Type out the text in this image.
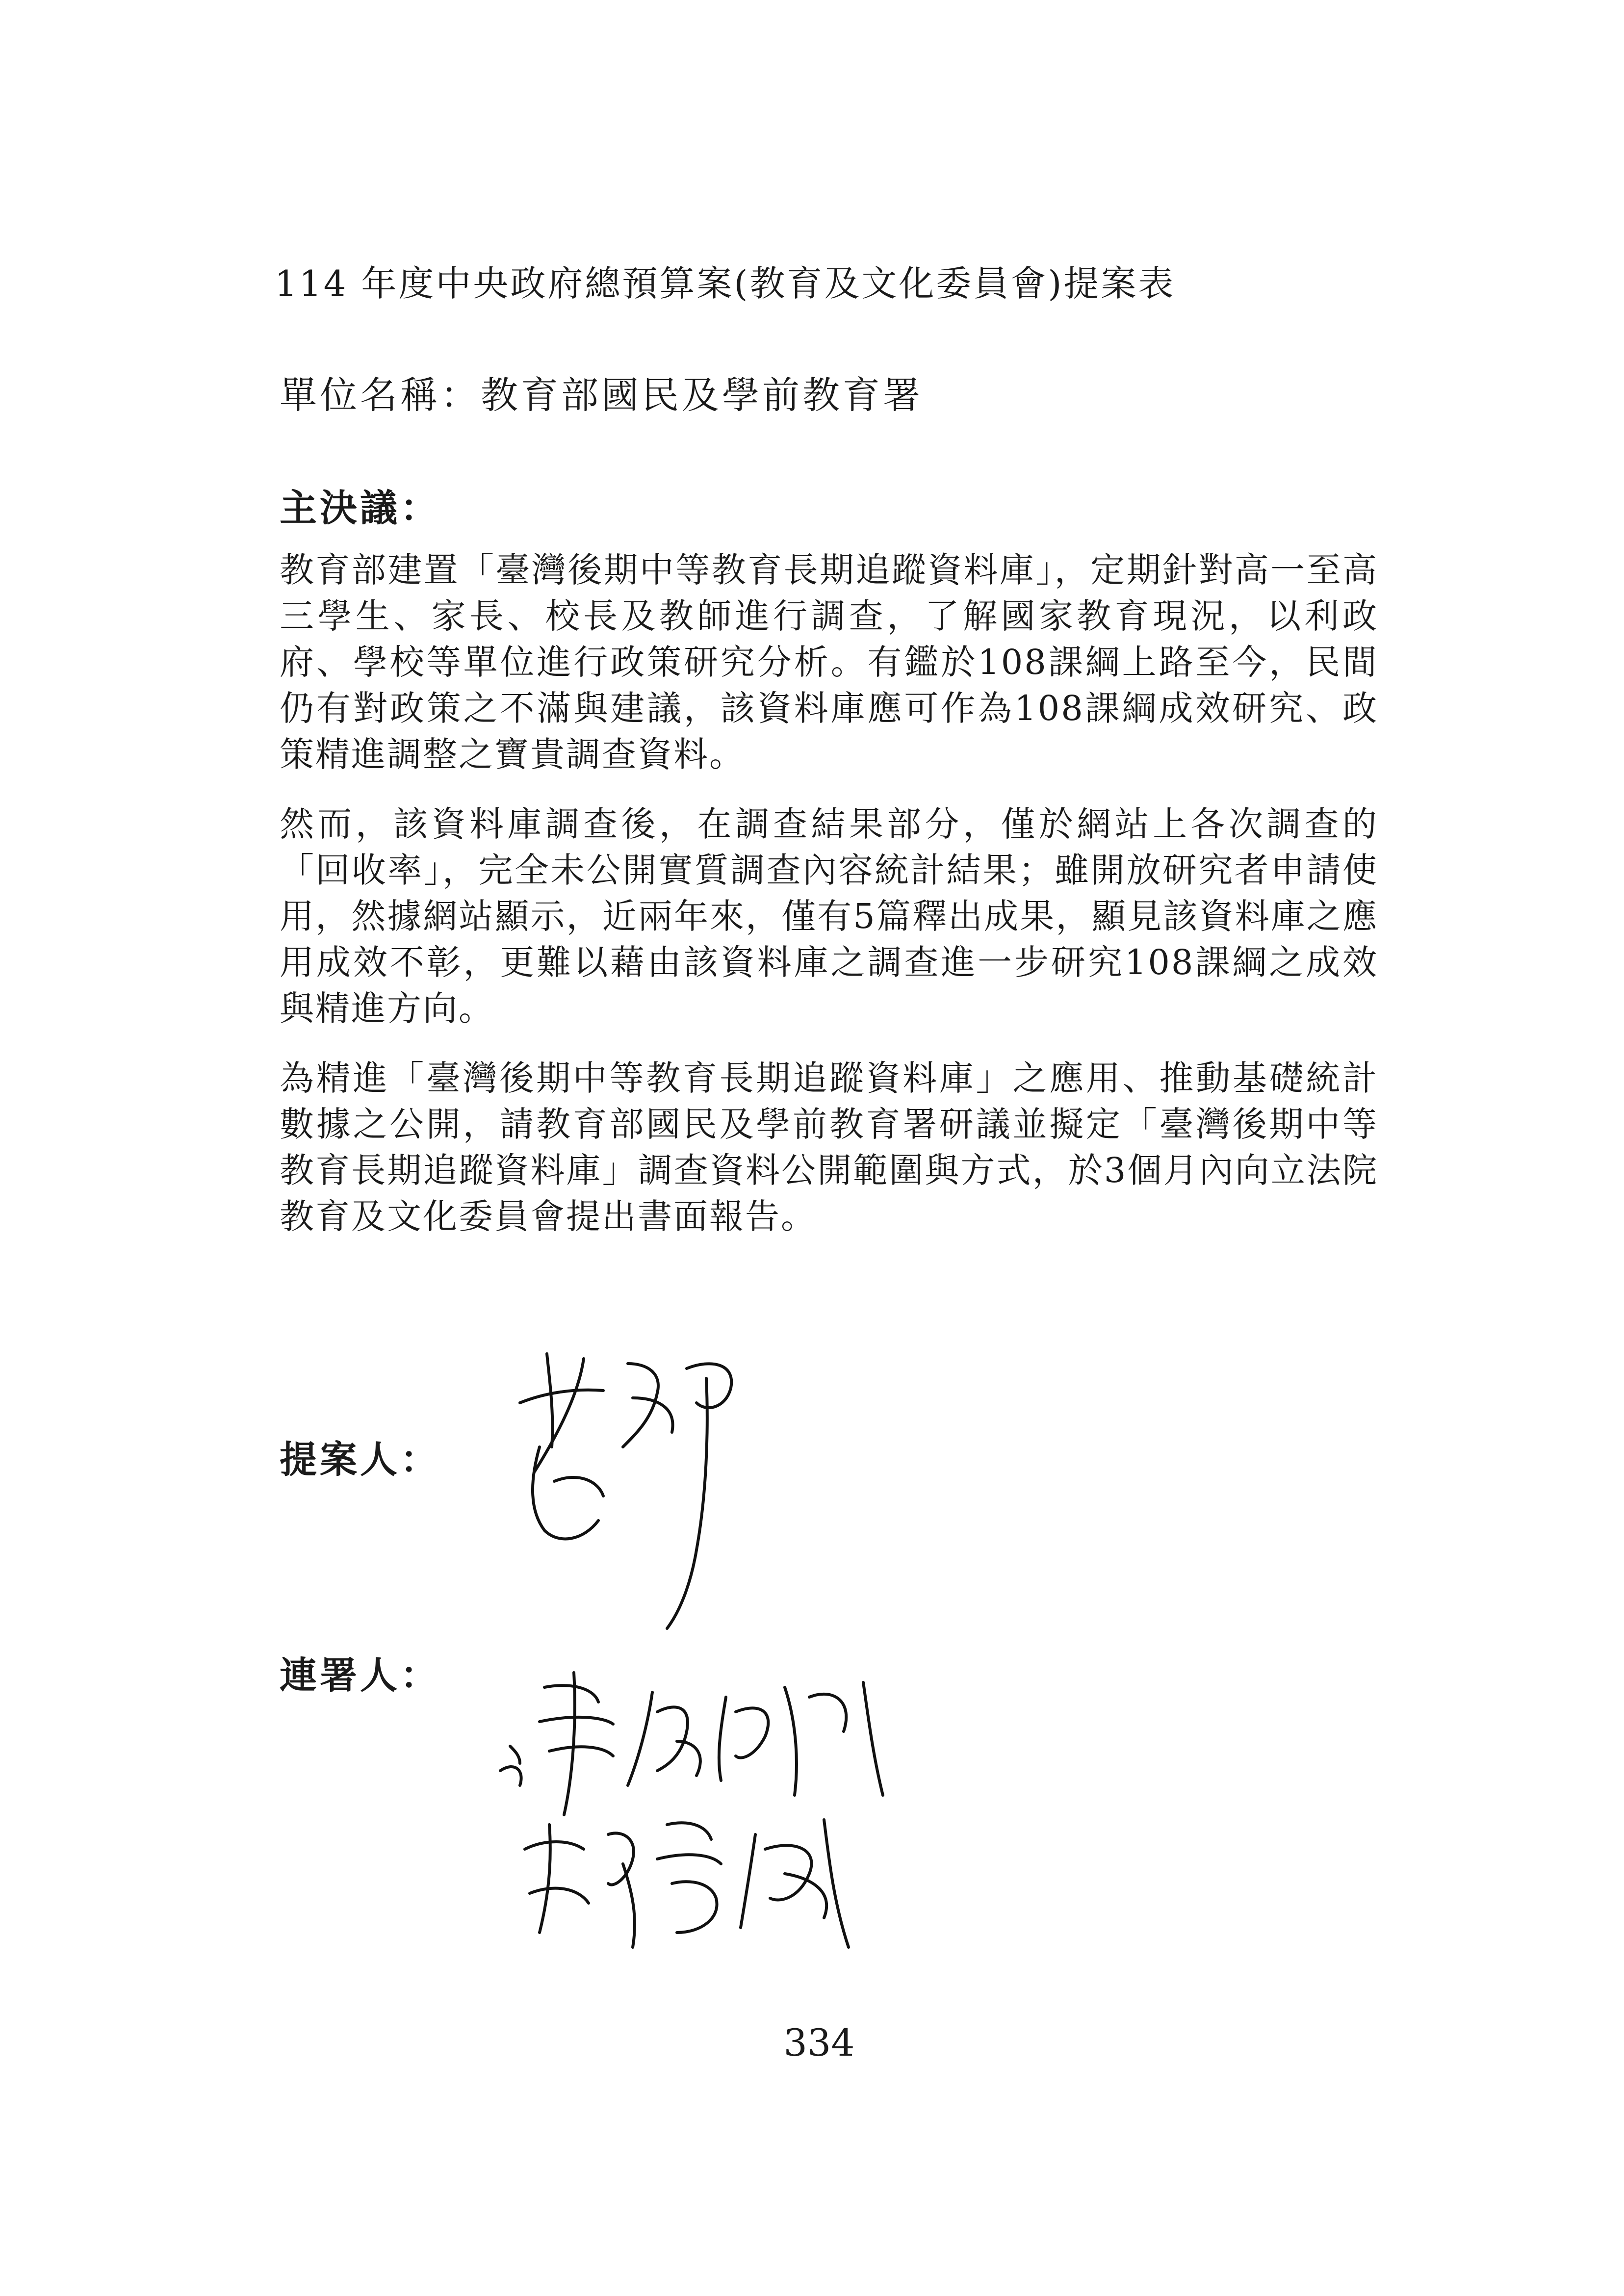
114 年度中央政府總預算案(教育及文化委員會)提案表
單位名稱：教育部國民及學前教育署
主決議：

教育部建置「臺灣後期中等教育長期追蹤資料庫」，定期針對高一至高三學生、家長、校長及教師進行調查，了解國家教育現況，以利政府、學校等單位進行政策研究分析。有鑑於108課綱上路至今，民間仍有對政策之不滿與建議，該資料庫應可作為108課綱成效研究、政策精進調整之寶貴調查資料。

然而，該資料庫調查後，在調查結果部分，僅於網站上各次調查的「回收率」，完全未公開實質調查內容統計結果；雖開放研究者申請使用，然據網站顯示，近兩年來，僅有5篇釋出成果，顯見該資料庫之應用成效不彰，更難以藉由該資料庫之調查進一步研究108課綱之成效與精進方向。

為精進「臺灣後期中等教育長期追蹤資料庫」之應用、推動基礎統計數據之公開，請教育部國民及學前教育署研議並擬定「臺灣後期中等教育長期追蹤資料庫」調查資料公開範圍與方式，於3個月內向立法院教育及文化委員會提出書面報告。

提案人：
連署人：
334
